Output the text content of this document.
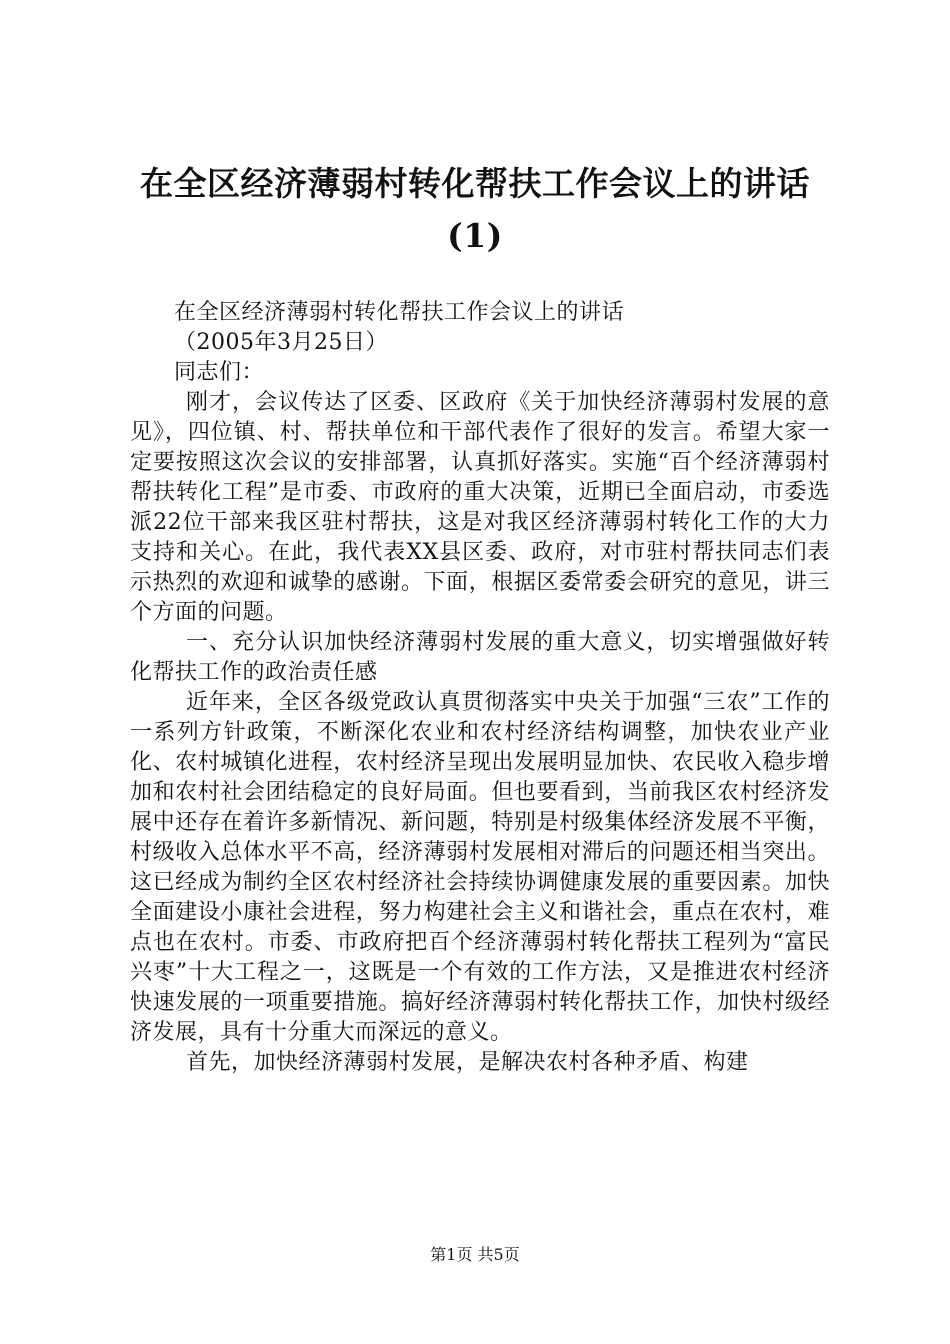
在全区经济薄弱村转化帮扶工作会议上的讲话
(1)

在全区经济薄弱村转化帮扶工作会议上的讲话

（2005年3月25日）

同志们：

刚才，会议传达了区委、区政府《关于加快经济薄弱村发展的意见》，四位镇、村、帮扶单位和干部代表作了很好的发言。希望大家一定要按照这次会议的安排部署，认真抓好落实。实施“百个经济薄弱村帮扶转化工程”是市委、市政府的重大决策，近期已全面启动，市委选派22位干部来我区驻村帮扶，这是对我区经济薄弱村转化工作的大力支持和关心。在此，我代表XX县区委、政府，对市驻村帮扶同志们表示热烈的欢迎和诚挚的感谢。下面，根据区委常委会研究的意见，讲三个方面的问题。

一、充分认识加快经济薄弱村发展的重大意义，切实增强做好转化帮扶工作的政治责任感

近年来，全区各级党政认真贯彻落实中央关于加强“三农”工作的一系列方针政策，不断深化农业和农村经济结构调整，加快农业产业化、农村城镇化进程，农村经济呈现出发展明显加快、农民收入稳步增加和农村社会团结稳定的良好局面。但也要看到，当前我区农村经济发展中还存在着许多新情况、新问题，特别是村级集体经济发展不平衡，村级收入总体水平不高，经济薄弱村发展相对滞后的问题还相当突出。这已经成为制约全区农村经济社会持续协调健康发展的重要因素。加快全面建设小康社会进程，努力构建社会主义和谐社会，重点在农村，难点也在农村。市委、市政府把百个经济薄弱村转化帮扶工程列为“富民兴枣”十大工程之一，这既是一个有效的工作方法，又是推进农村经济快速发展的一项重要措施。搞好经济薄弱村转化帮扶工作，加快村级经济发展，具有十分重大而深远的意义。

首先，加快经济薄弱村发展，是解决农村各种矛盾、构建

第1页 共5页
